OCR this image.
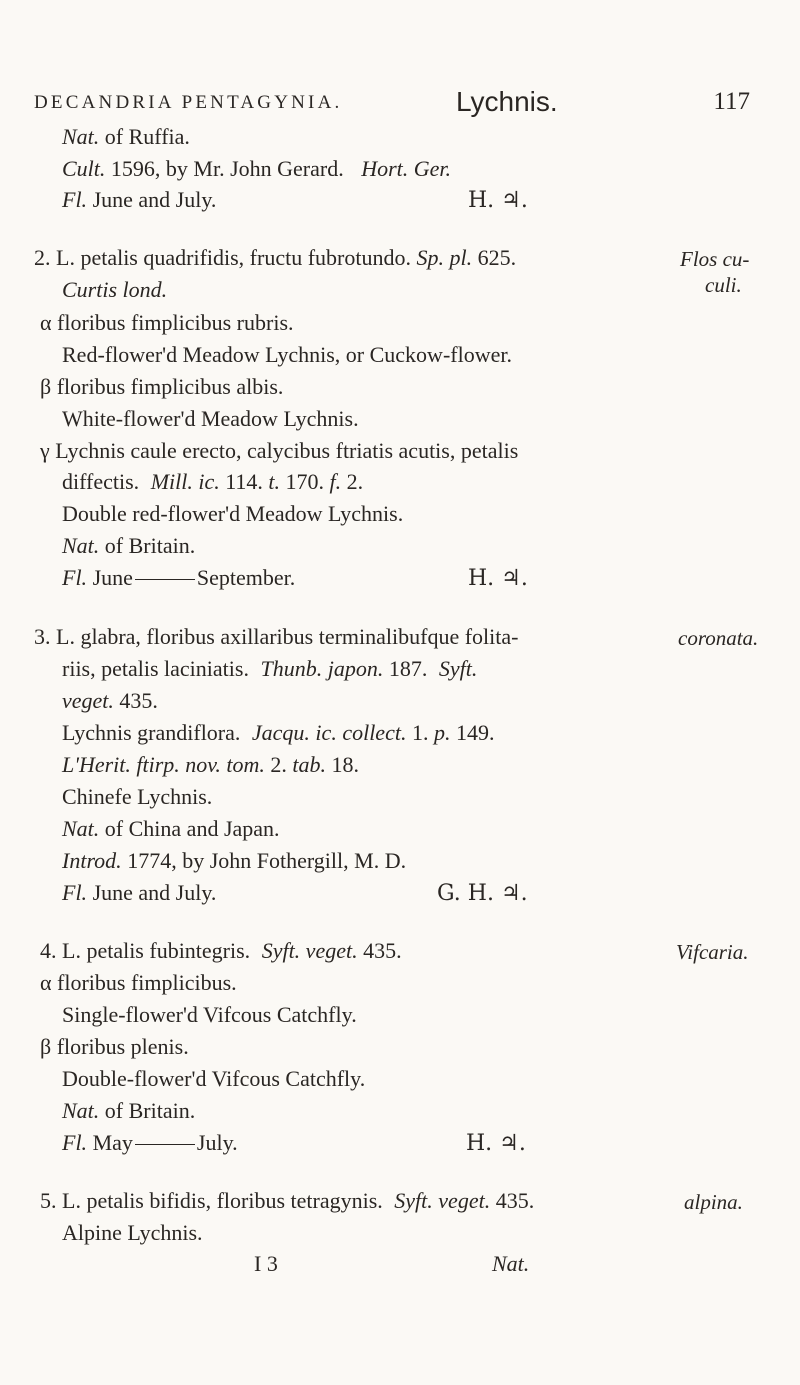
DECANDRIA PENTAGYNIA.	Lychnis.	117
Nat. of Ruffia.
Cult. 1596, by Mr. John Gerard. Hort. Ger.
Fl. June and July.	H. ♃.
2. L. petalis quadrifidis, fructu fubrotundo. Sp. pl. 625.	Flos cu-
culi.
Curtis lond.
α floribus fimplicibus rubris.
Red-flower'd Meadow Lychnis, or Cuckow-flower.
β floribus fimplicibus albis.
White-flower'd Meadow Lychnis.
γ Lychnis caule erecto, calycibus ftriatis acutis, petalis
diffectis. Mill. ic. 114. t. 170. f. 2.
Double red-flower'd Meadow Lychnis.
Nat. of Britain.
Fl. June	September.	H. ♃.
3. L. glabra, floribus axillaribus terminalibufque folita-	coronata.
riis, petalis laciniatis. Thunb. japon. 187. Syft.
veget. 435.
Lychnis grandiflora. Jacqu. ic. collect. 1. p. 149.
L'Herit. ftirp. nov. tom. 2. tab. 18.
Chinefe Lychnis.
Nat. of China and Japan.
Introd. 1774, by John Fothergill, M. D.
Fl. June and July.	G. H. ♃.
4. L. petalis fubintegris. Syft. veget. 435.	Vifcaria.
α floribus fimplicibus.
Single-flower'd Vifcous Catchfly.
β floribus plenis.
Double-flower'd Vifcous Catchfly.
Nat. of Britain.
Fl. May	July.	H. ♃.
5. L. petalis bifidis, floribus tetragynis. Syft. veget. 435.	alpina.
Alpine Lychnis.
I 3	Nat.
